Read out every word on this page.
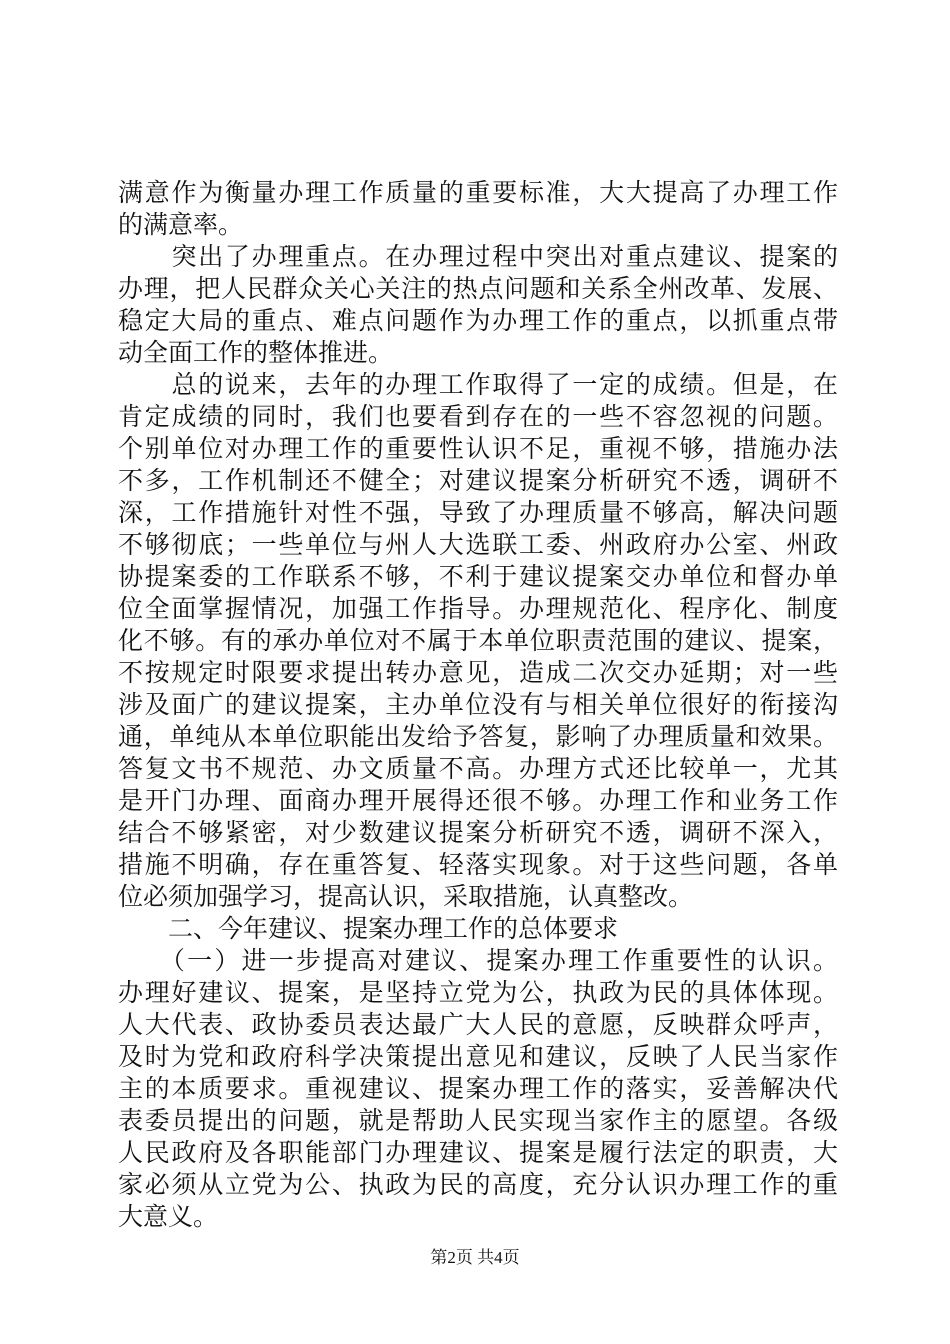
满意作为衡量办理工作质量的重要标准，大大提高了办理工作
的满意率。
　　突出了办理重点。在办理过程中突出对重点建议、提案的
办理，把人民群众关心关注的热点问题和关系全州改革、发展、
稳定大局的重点、难点问题作为办理工作的重点，以抓重点带
动全面工作的整体推进。
　　总的说来，去年的办理工作取得了一定的成绩。但是，在
肯定成绩的同时，我们也要看到存在的一些不容忽视的问题。
个别单位对办理工作的重要性认识不足，重视不够，措施办法
不多，工作机制还不健全；对建议提案分析研究不透，调研不
深，工作措施针对性不强，导致了办理质量不够高，解决问题
不够彻底；一些单位与州人大选联工委、州政府办公室、州政
协提案委的工作联系不够，不利于建议提案交办单位和督办单
位全面掌握情况，加强工作指导。办理规范化、程序化、制度
化不够。有的承办单位对不属于本单位职责范围的建议、提案，
不按规定时限要求提出转办意见，造成二次交办延期；对一些
涉及面广的建议提案，主办单位没有与相关单位很好的衔接沟
通，单纯从本单位职能出发给予答复，影响了办理质量和效果。
答复文书不规范、办文质量不高。办理方式还比较单一，尤其
是开门办理、面商办理开展得还很不够。办理工作和业务工作
结合不够紧密，对少数建议提案分析研究不透，调研不深入，
措施不明确，存在重答复、轻落实现象。对于这些问题，各单
位必须加强学习，提高认识，采取措施，认真整改。
　　二、今年建议、提案办理工作的总体要求
　　（一）进一步提高对建议、提案办理工作重要性的认识。
办理好建议、提案，是坚持立党为公，执政为民的具体体现。
人大代表、政协委员表达最广大人民的意愿，反映群众呼声，
及时为党和政府科学决策提出意见和建议，反映了人民当家作
主的本质要求。重视建议、提案办理工作的落实，妥善解决代
表委员提出的问题，就是帮助人民实现当家作主的愿望。各级
人民政府及各职能部门办理建议、提案是履行法定的职责，大
家必须从立党为公、执政为民的高度，充分认识办理工作的重
大意义。
第2页 共4页
